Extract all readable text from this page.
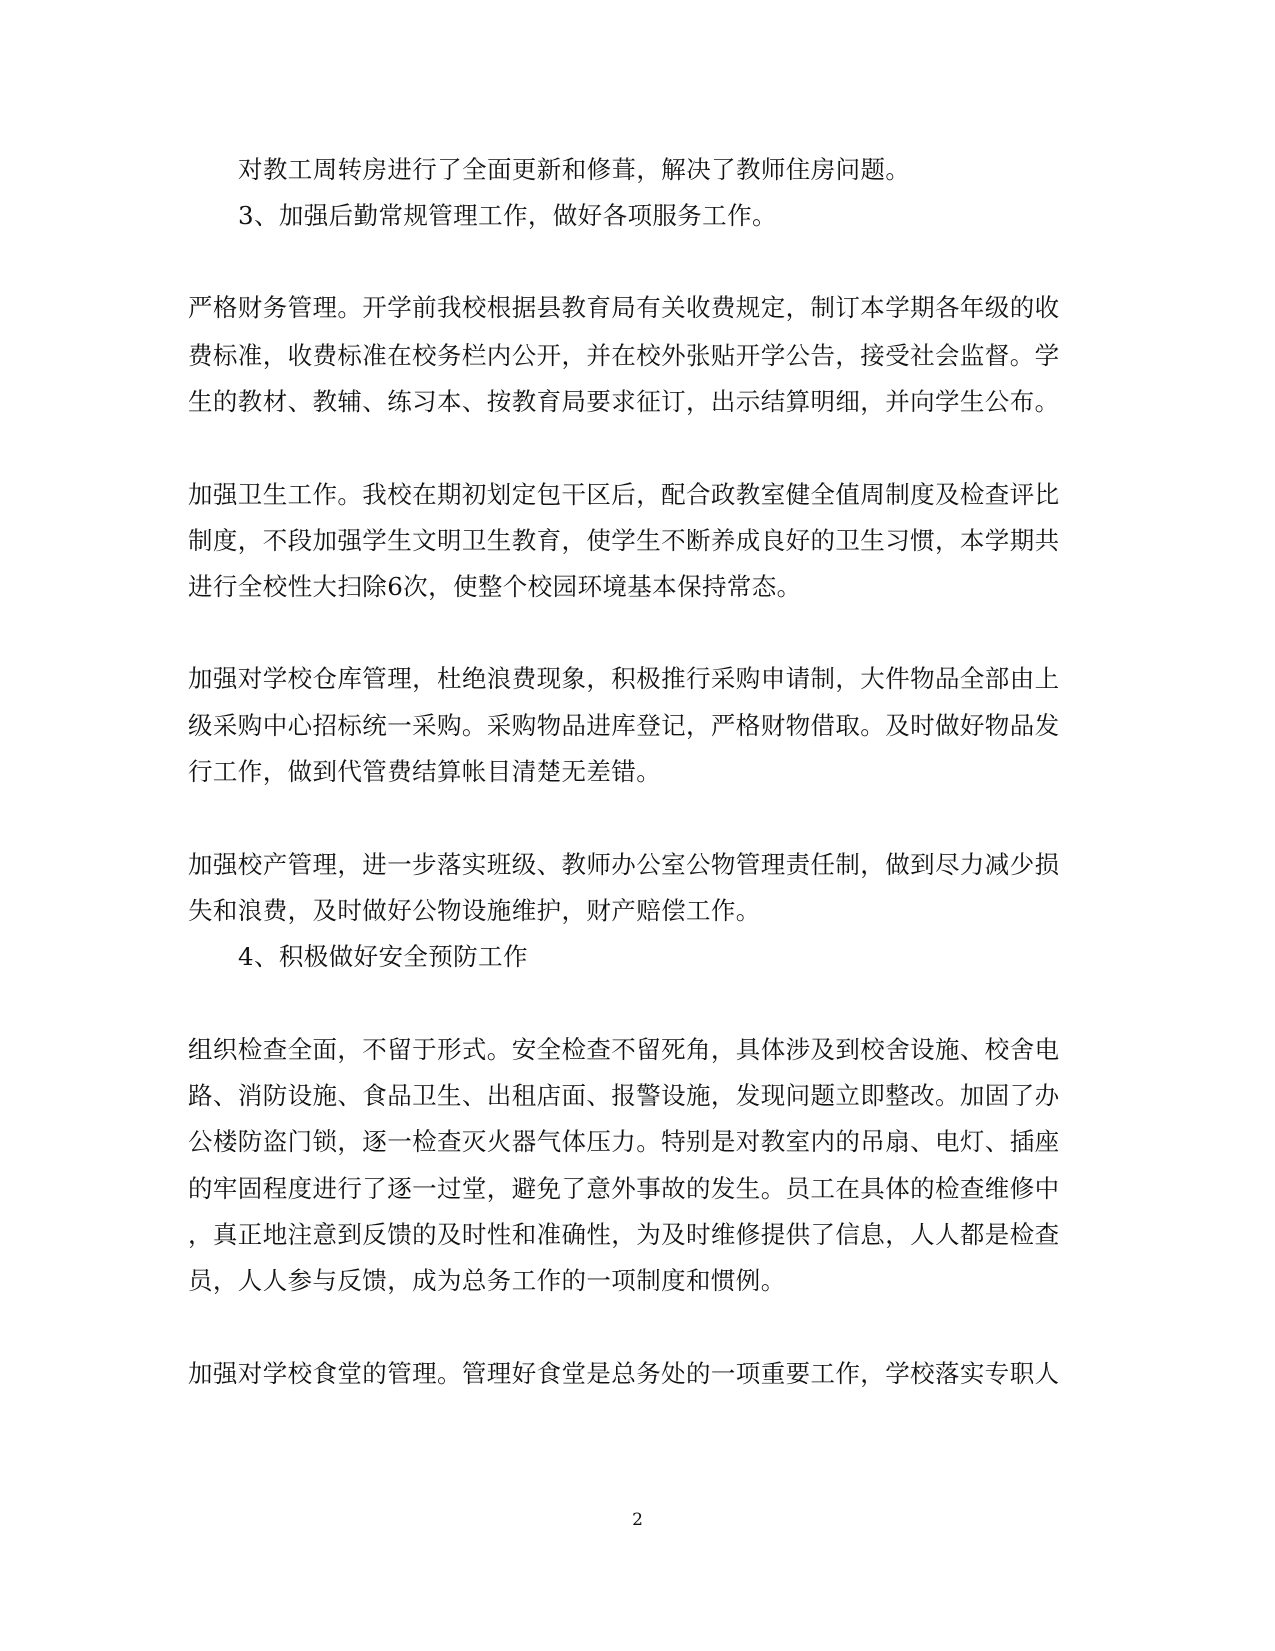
对教工周转房进行了全面更新和修葺，解决了教师住房问题。
3、加强后勤常规管理工作，做好各项服务工作。
严格财务管理。开学前我校根据县教育局有关收费规定，制订本学期各年级的收
费标准，收费标准在校务栏内公开，并在校外张贴开学公告，接受社会监督。学
生的教材、教辅、练习本、按教育局要求征订，出示结算明细，并向学生公布。
加强卫生工作。我校在期初划定包干区后，配合政教室健全值周制度及检查评比
制度，不段加强学生文明卫生教育，使学生不断养成良好的卫生习惯，本学期共
进行全校性大扫除6次，使整个校园环境基本保持常态。
加强对学校仓库管理，杜绝浪费现象，积极推行采购申请制，大件物品全部由上
级采购中心招标统一采购。采购物品进库登记，严格财物借取。及时做好物品发
行工作，做到代管费结算帐目清楚无差错。
加强校产管理，进一步落实班级、教师办公室公物管理责任制，做到尽力减少损
失和浪费，及时做好公物设施维护，财产赔偿工作。
4、积极做好安全预防工作
组织检查全面，不留于形式。安全检查不留死角，具体涉及到校舍设施、校舍电
路、消防设施、食品卫生、出租店面、报警设施，发现问题立即整改。加固了办
公楼防盗门锁，逐一检查灭火器气体压力。特别是对教室内的吊扇、电灯、插座
的牢固程度进行了逐一过堂，避免了意外事故的发生。员工在具体的检查维修中
，真正地注意到反馈的及时性和准确性，为及时维修提供了信息，人人都是检查
员，人人参与反馈，成为总务工作的一项制度和惯例。
加强对学校食堂的管理。管理好食堂是总务处的一项重要工作，学校落实专职人
2
